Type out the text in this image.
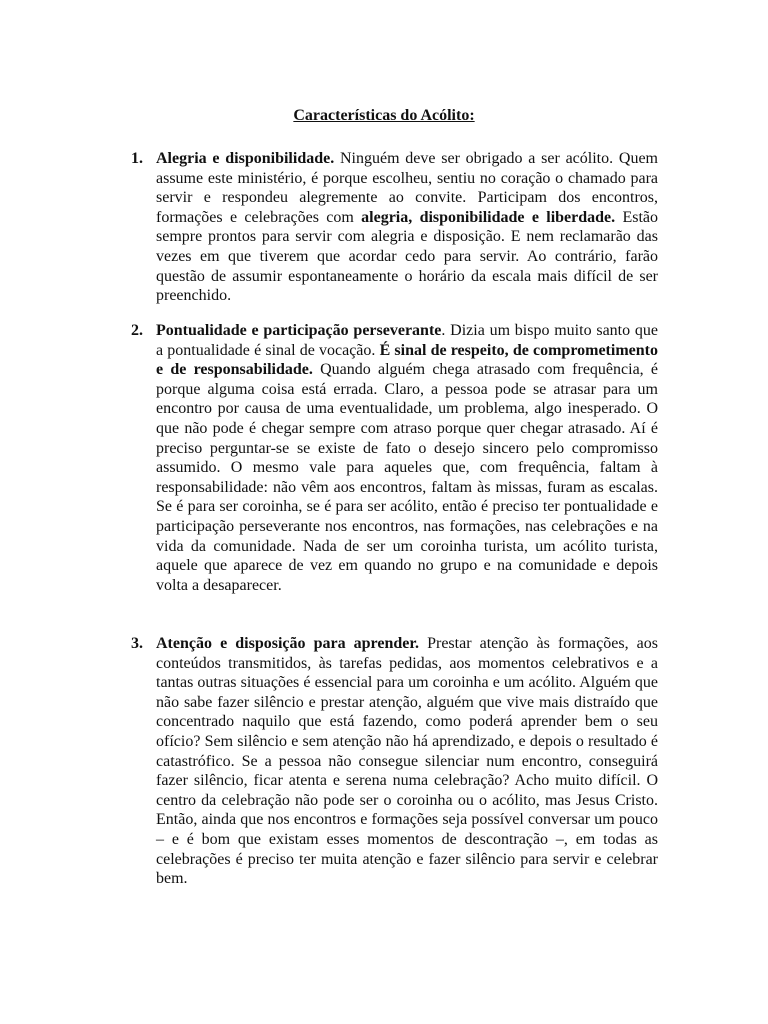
Características do Acólito:
1. Alegria e disponibilidade. Ninguém deve ser obrigado a ser acólito. Quem assume este ministério, é porque escolheu, sentiu no coração o chamado para servir e respondeu alegremente ao convite. Participam dos encontros, formações e celebrações com alegria, disponibilidade e liberdade. Estão sempre prontos para servir com alegria e disposição. E nem reclamarão das vezes em que tiverem que acordar cedo para servir. Ao contrário, farão questão de assumir espontaneamente o horário da escala mais difícil de ser preenchido.
2. Pontualidade e participação perseverante. Dizia um bispo muito santo que a pontualidade é sinal de vocação. É sinal de respeito, de comprometimento e de responsabilidade. Quando alguém chega atrasado com frequência, é porque alguma coisa está errada. Claro, a pessoa pode se atrasar para um encontro por causa de uma eventualidade, um problema, algo inesperado. O que não pode é chegar sempre com atraso porque quer chegar atrasado. Aí é preciso perguntar-se se existe de fato o desejo sincero pelo compromisso assumido. O mesmo vale para aqueles que, com frequência, faltam à responsabilidade: não vêm aos encontros, faltam às missas, furam as escalas. Se é para ser coroinha, se é para ser acólito, então é preciso ter pontualidade e participação perseverante nos encontros, nas formações, nas celebrações e na vida da comunidade. Nada de ser um coroinha turista, um acólito turista, aquele que aparece de vez em quando no grupo e na comunidade e depois volta a desaparecer.
3. Atenção e disposição para aprender. Prestar atenção às formações, aos conteúdos transmitidos, às tarefas pedidas, aos momentos celebrativos e a tantas outras situações é essencial para um coroinha e um acólito. Alguém que não sabe fazer silêncio e prestar atenção, alguém que vive mais distraído que concentrado naquilo que está fazendo, como poderá aprender bem o seu ofício? Sem silêncio e sem atenção não há aprendizado, e depois o resultado é catastrófico. Se a pessoa não consegue silenciar num encontro, conseguirá fazer silêncio, ficar atenta e serena numa celebração? Acho muito difícil. O centro da celebração não pode ser o coroinha ou o acólito, mas Jesus Cristo. Então, ainda que nos encontros e formações seja possível conversar um pouco – e é bom que existam esses momentos de descontração –, em todas as celebrações é preciso ter muita atenção e fazer silêncio para servir e celebrar bem.
